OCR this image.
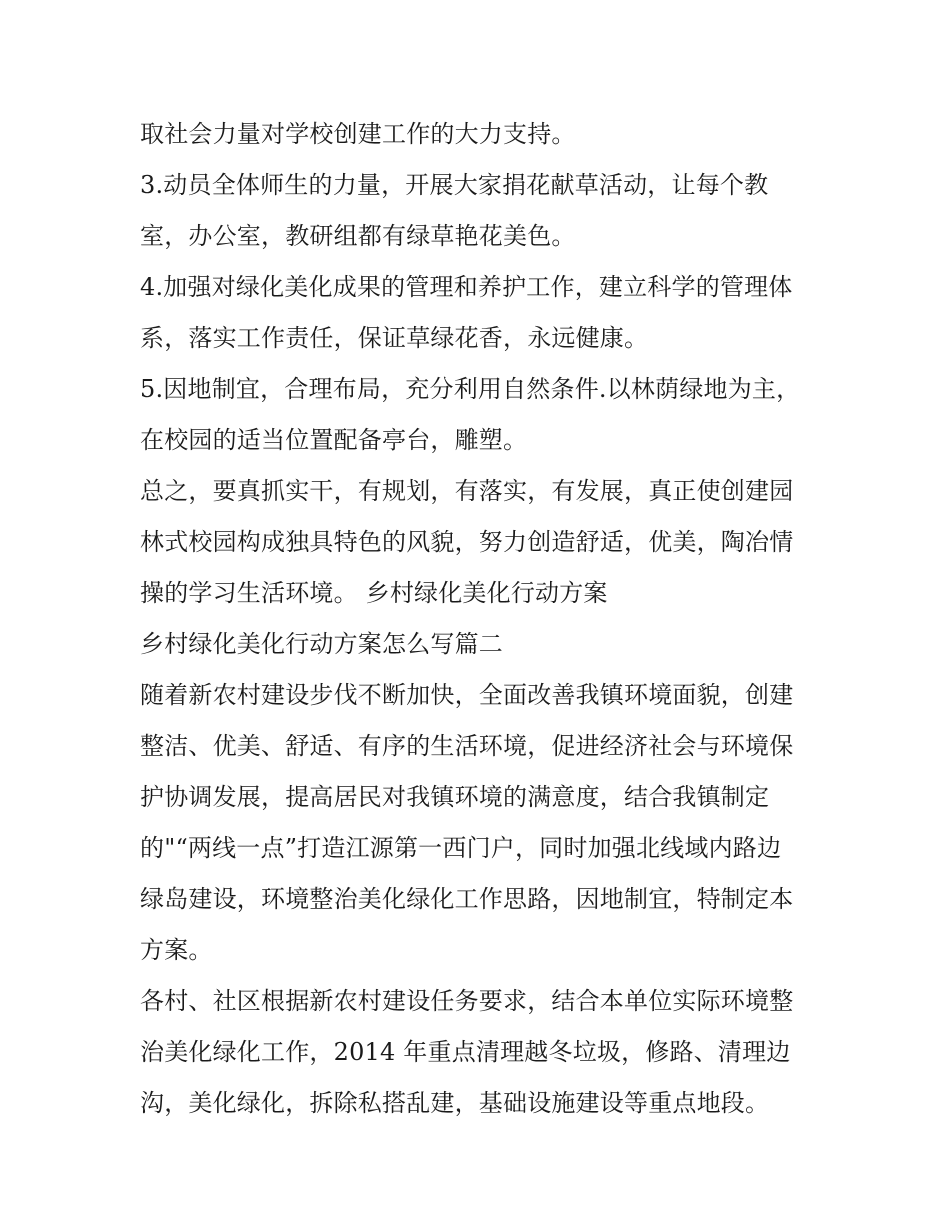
取社会力量对学校创建工作的大力支持。
3.动员全体师生的力量，开展大家捐花献草活动，让每个教
室，办公室，教研组都有绿草艳花美色。
4.加强对绿化美化成果的管理和养护工作，建立科学的管理体
系，落实工作责任，保证草绿花香，永远健康。
5.因地制宜，合理布局，充分利用自然条件.以林荫绿地为主，
在校园的适当位置配备亭台，雕塑。
总之，要真抓实干，有规划，有落实，有发展，真正使创建园
林式校园构成独具特色的风貌，努力创造舒适，优美，陶冶情
操的学习生活环境。 乡村绿化美化行动方案
乡村绿化美化行动方案怎么写篇二
随着新农村建设步伐不断加快，全面改善我镇环境面貌，创建
整洁、优美、舒适、有序的生活环境，促进经济社会与环境保
护协调发展，提高居民对我镇环境的满意度，结合我镇制定
的"“两线一点”打造江源第一西门户，同时加强北线域内路边
绿岛建设，环境整治美化绿化工作思路，因地制宜，特制定本
方案。
各村、社区根据新农村建设任务要求，结合本单位实际环境整
治美化绿化工作，2014 年重点清理越冬垃圾，修路、清理边
沟，美化绿化，拆除私搭乱建，基础设施建设等重点地段。
